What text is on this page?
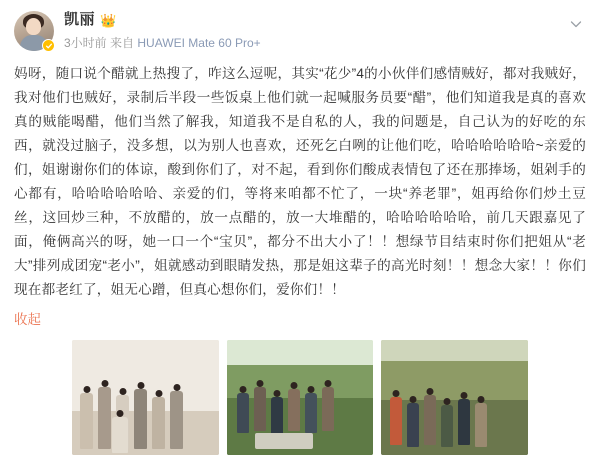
凯丽 👑
3小时前 来自 HUAWEI Mate 60 Pro+
妈呀，随口说个醋就上热搜了，咋这么逗呢，其实“花少”4的小伙伴们感情贼好，都对我贼好，我对他们也贼好，录制后半段一些饭桌上他们就一起喊服务员要“醋”，他们知道我是真的喜欢真的贼能喝醋，他们当然了解我，知道我不是自私的人，我的问题是，自己认为的好吃的东西，就没过脑子，没多想，以为别人也喜欢，还死乞白咧的让他们吃，哈哈哈哈哈哈~亲爱的们，姐谢谢你们的体谅，酸到你们了，对不起，看到你们酸成表情包了还在那捧场，姐剁手的心都有，哈哈哈哈哈哈、亲爱的们，等将来咱都不忙了，一块“养老罪”，姐再给你们炒土豆丝，这回炒三种，不放醋的，放一点醋的，放一大堆醋的，哈哈哈哈哈哈，前几天跟嘉见了面，俺俩高兴的呀，她一口一个“宝贝”，都分不出大小了！！想绿节目结束时你们把姐从“老大”排列成团宠“老小”，姐就感动到眼睛发热，那是姐这辈子的高光时刻！！想念大家！！你们现在都老红了，姐无心蹭，但真心想你们，爱你们！！
收起
